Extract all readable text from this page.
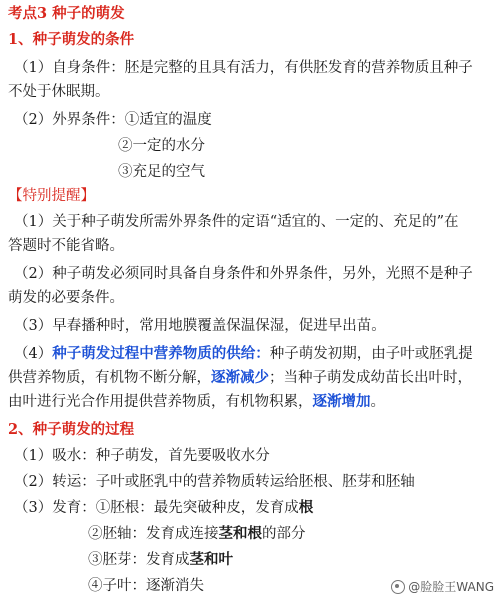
考点3 种子的萌发
1、种子萌发的条件
（1）自身条件：胚是完整的且具有活力，有供胚发育的营养物质且种子
不处于休眠期。
（2）外界条件：①适宜的温度
②一定的水分
③充足的空气
【特别提醒】
（1）关于种子萌发所需外界条件的定语“适宜的、一定的、充足的”在
答题时不能省略。
（2）种子萌发必须同时具备自身条件和外界条件，另外，光照不是种子
萌发的必要条件。
（3）早春播种时，常用地膜覆盖保温保湿，促进早出苗。
（4）种子萌发过程中营养物质的供给：种子萌发初期，由子叶或胚乳提
供营养物质，有机物不断分解，逐渐减少；当种子萌发成幼苗长出叶时，
由叶进行光合作用提供营养物质，有机物积累，逐渐增加。
2、种子萌发的过程
（1）吸水：种子萌发，首先要吸收水分
（2）转运：子叶或胚乳中的营养物质转运给胚根、胚芽和胚轴
（3）发育：①胚根：最先突破种皮，发育成根
②胚轴：发育成连接茎和根的部分
③胚芽：发育成茎和叶
④子叶：逐渐消失	@脸脸王WANG
